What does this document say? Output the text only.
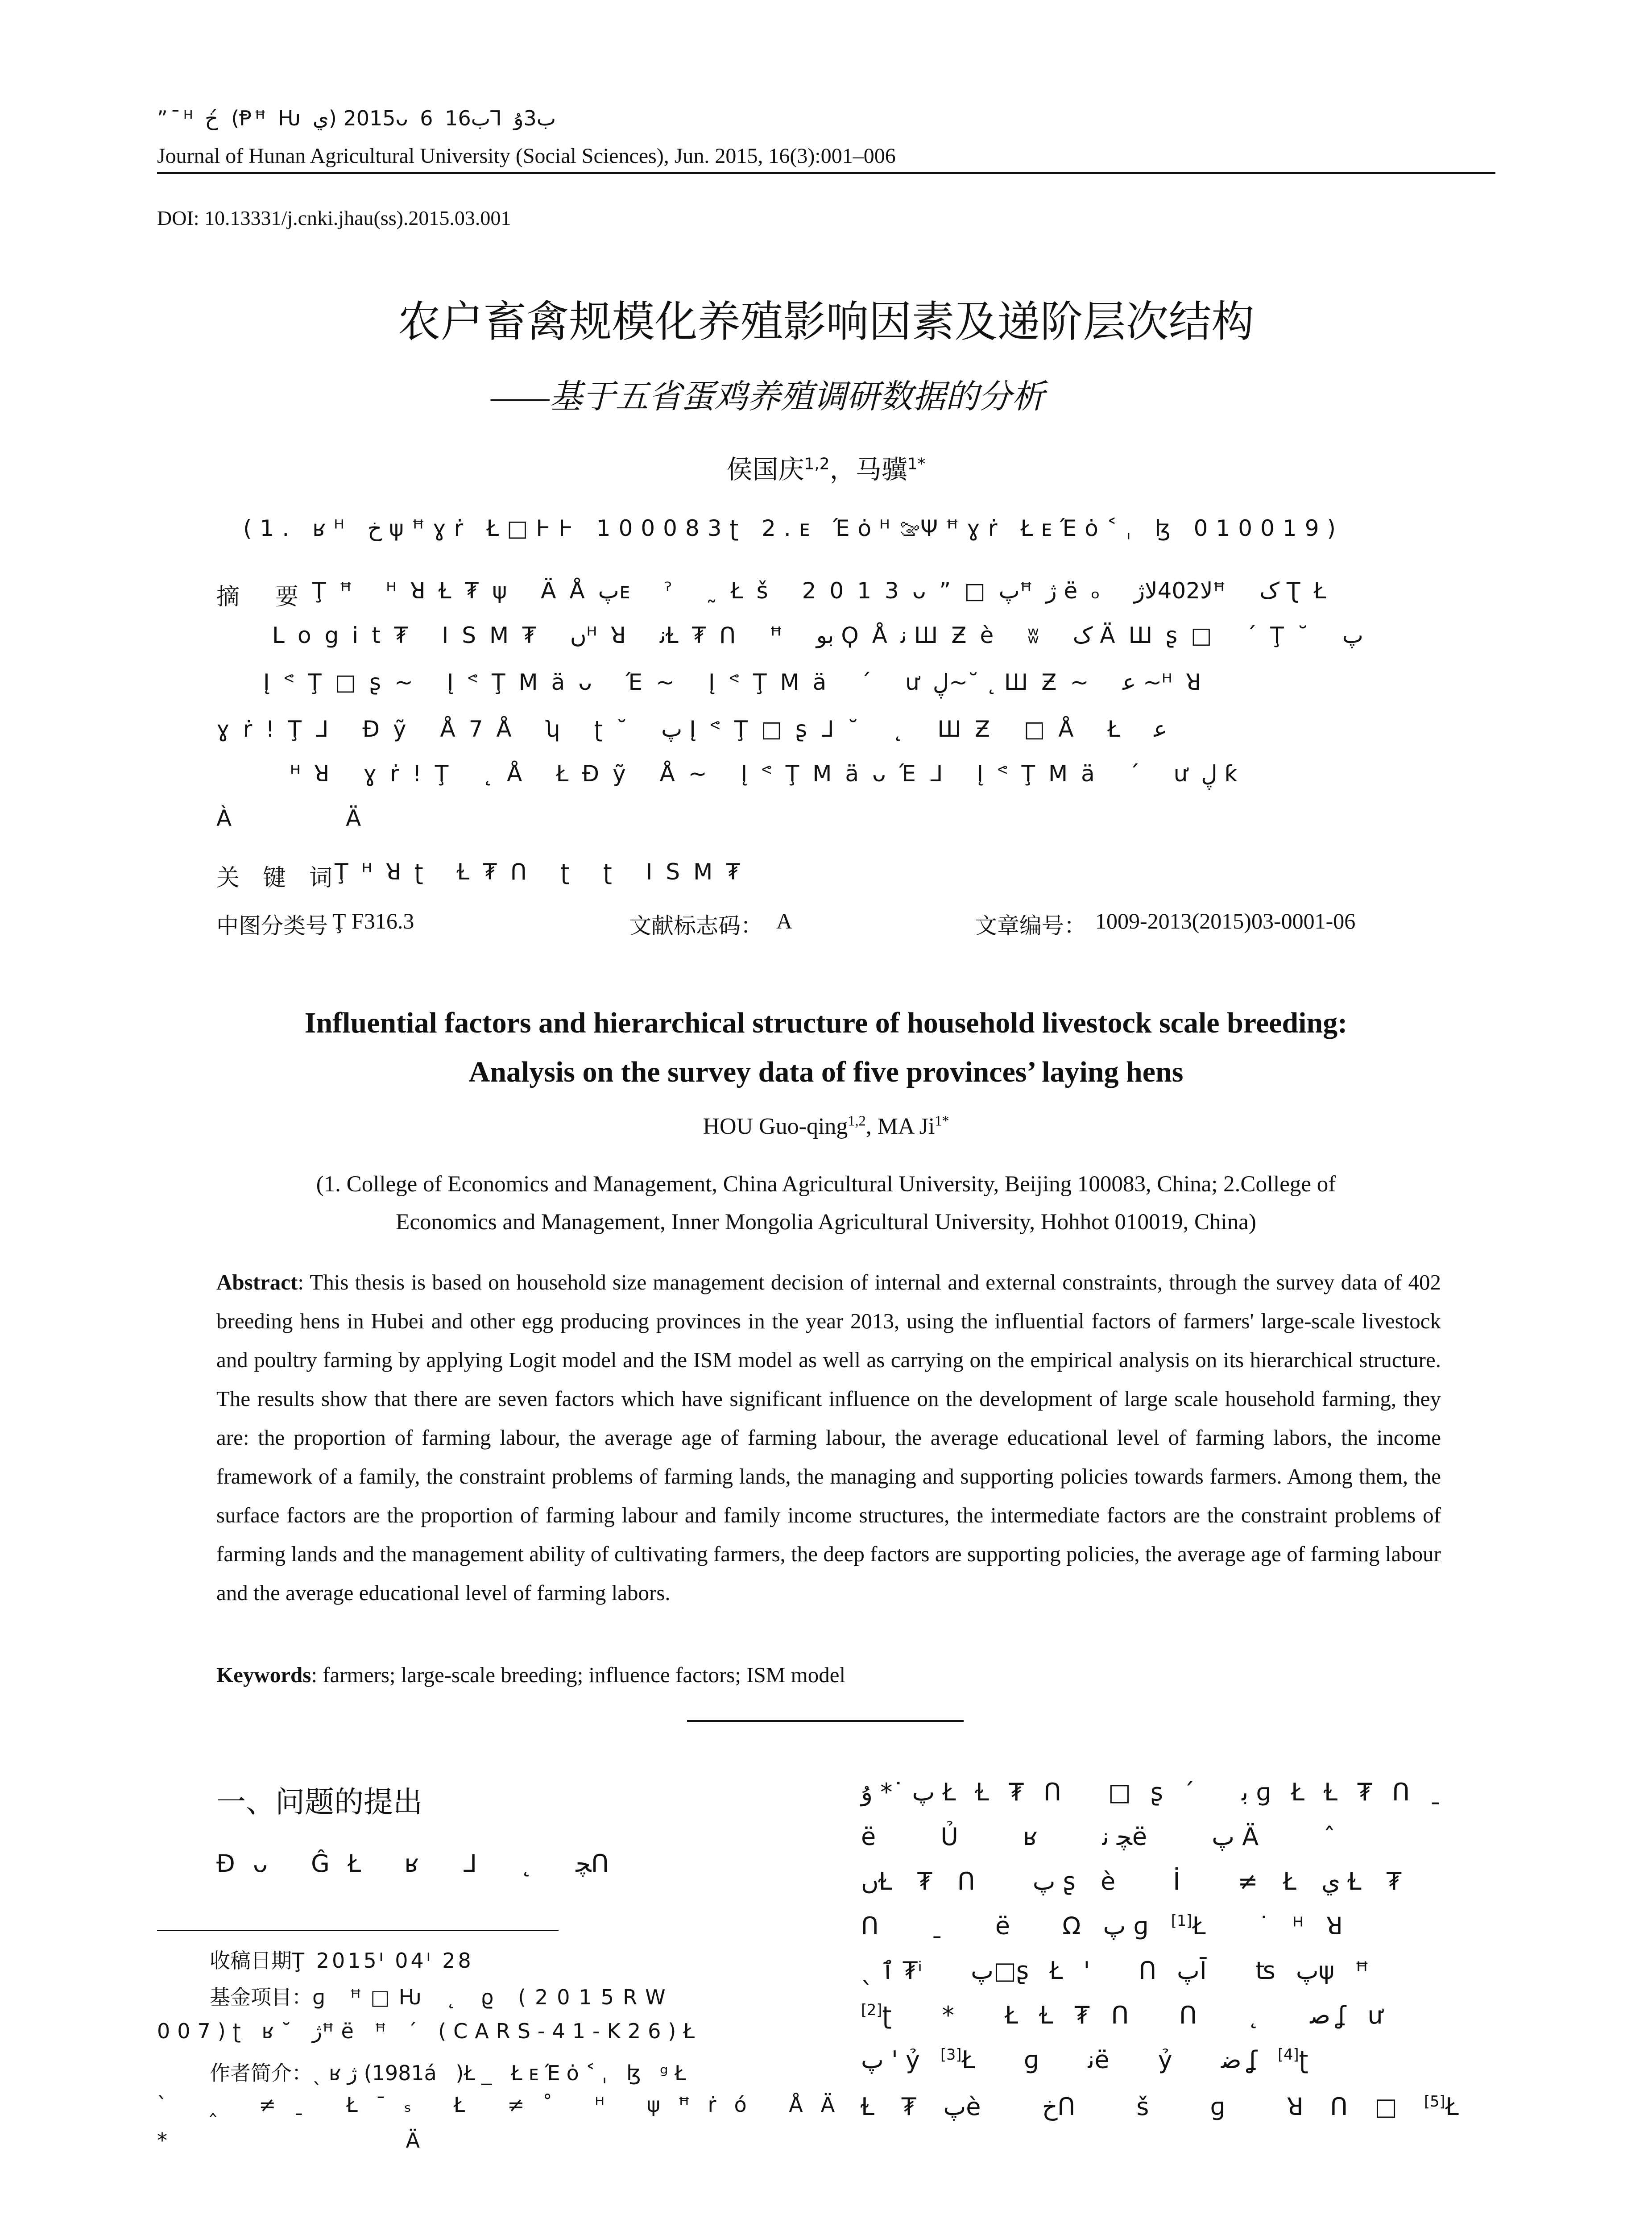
”¯ᴴ خ ́ (Ᵽꟸ Ƕ ي) 2015ᴗ 6 ب16Ꞁ ب3ۇ
Journal of Hunan Agricultural University (Social Sciences), Jun. 2015, 16(3):001–006
DOI: 10.13331/j.cnki.jhau(ss).2015.03.001
农户畜禽规模化养殖影响因素及递阶层次结构
——基于五省蛋鸡养殖调研数据的分析
侯国庆$^{1,2}$，马骥$^{1*}$
(1. ʁᴴ خ ψꟸɣṙ Ł□ⱵⱵ 100083ʈ 2.ᴇ ΈȯᴴࡢΨꟸɣṙ ŁᴇΈȯ˂ˌ ɮ 010019)
摘　要 Ţꟸ ᴴꓤⱢ₮ψ ÄÅپᴇ ˀ ˷Łš 2013ᴗ”□پꟸژ ëₒ ﻻ402ﻻژꟸ ک ƮŁ
Logit₮ ISM₮ ںᴴꓤ ﻧⱢ₮ᑎ ꟸ ﺑﻮ ϘÅﻧ ШƵè ʬ ک ÄШʂ□ ˊŢ˘ پ
ĮᕝŢ□ʂ~ ĮᕝŢMäᴗ Έ~ ĮᕝŢMä ˊ ưڸ~˘ ˛ ШƵ~ ﻋ ~ᴴꓤ
ɣṙ!Ţᒧ Đỹ Å7Å ʮ ʈ˘ پ ĮᕝŢ□ʂᒧ˘ ˛ ШƵ □Å Ł ﻋ
ᴴꓤ ɣṙ!Ţ ˛Å ŁĐỹ Å~ ĮᕝŢMäᴗΈᒧ ĮᕝŢMä ˊ ưڸ ƙ
À Ä
关　键　词 Ţᴴꓤʈ Ɫ₮ᑎ ʈ ʈ ISM₮
中图分类号 Ţ F316.3	文献标志码： A	文章编号： 1009-2013(2015)03-0001-06
Influential factors and hierarchical structure of household livestock scale breeding:
Analysis on the survey data of five provinces’ laying hens
HOU Guo-qing$^{1,2}$, MA $Ji^{1*}$
(1. College of Economics and Management, China Agricultural University, Beijing 100083, China; 2.College of
Economics and Management, Inner Mongolia Agricultural University, Hohhot 010019, China)
Abstract: This thesis is based on household size management decision of internal and external constraints, through the survey data of 402 breeding hens in Hubei and other egg producing provinces in the year 2013, using the influential factors of farmers' large-scale livestock and poultry farming by applying Logit model and the ISM model as well as carrying on the empirical analysis on its hierarchical structure. The results show that there are seven factors which have significant influence on the development of large scale household farming, they are: the proportion of farming labour, the average age of farming labour, the average educational level of farming labors, the income framework of a family, the constraint problems of farming lands, the managing and supporting policies towards farmers. Among them, the surface factors are the proportion of farming labour and family income structures, the intermediate factors are the constraint problems of farming lands and the management ability of cultivating farmers, the deep factors are supporting policies, the average age of farming labour and the average educational level of farming labors.
Keywords: farmers; large-scale breeding; influence factors; ISM model
一、问题的提出
Ɖᴗ ĜŁ ʁ ᒧ ˛ ﭽᑎ
收稿日期Ţ 2015ᑊ 04ᑊ 28
基金项目：ɡ ꟸ□Ƕ ˛ ϱ (2015RW
007)ʈ ʁ˘ ژꟸë ꟸ ˊ (CARS-41-K26)Ł
作者简介：ˎʁژ (1981á )Ł_ ŁᴇΈȯ˂ˌ ɮ ᵍŁ
ˋ ‸ ≠ˍ Ł¯ₛ Ł ≠˚ ᴴ ψꟸṙó ÅÄ
* Ä
پ ˙* ۇ ŁⱢ₮ᑎ □ʂˊ ﺑ ɡŁⱢ₮ᑎˍ
ë Ủ ʁ ﭽ ﻧë پ Ä ˆ
ںⱢ₮ᑎ پ ʂè İ ≠Łي Ɫ₮
ᑎ ˍ ë Ωپ ɡ[1]Ł ˙ᴴꓤ
ˎ ٱ ₮ⁱ پ□ʂŁ' ᑎپĪ ʦپψꟸ
[2]ʈ * ŁⱢ₮ᑎ ᑎ ˛ ﺻ ʆư
پ ' ỷ[3]Ł ɡ ﻧë ỷ ﺿ ʆ[4]ʈ
Ɫ₮پè خᑎ š ɡ ꓤᑎ□[5]Ł
